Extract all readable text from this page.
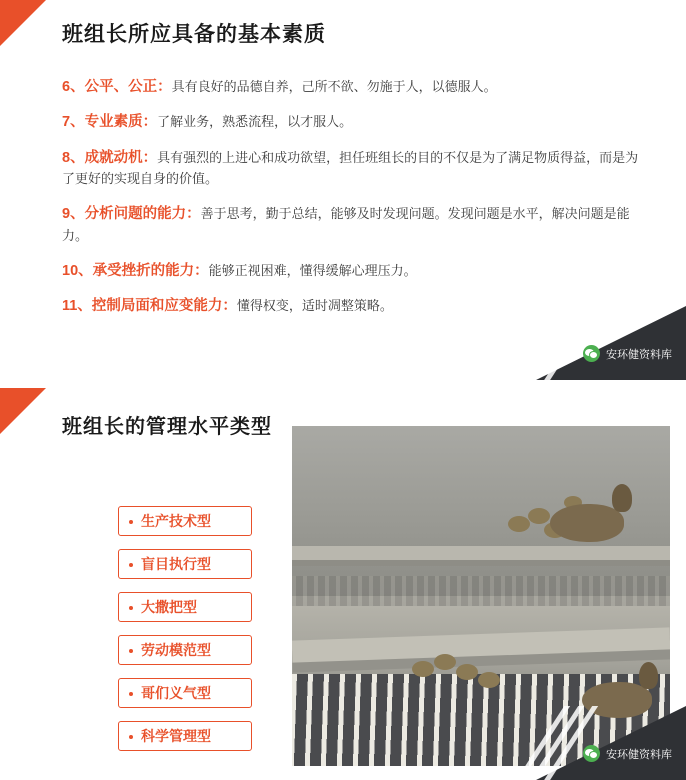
班组长所应具备的基本素质
6、公平、公正：具有良好的品德自养，己所不欲、勿施于人，以德服人。
7、专业素质：了解业务，熟悉流程，以才服人。
8、成就动机：具有强烈的上进心和成功欲望，担任班组长的目的不仅是为了满足物质得益，而是为了更好的实现自身的价值。
9、分析问题的能力：善于思考，勤于总结，能够及时发现问题。发现问题是水平，解决问题是能力。
10、承受挫折的能力：能够正视困难，懂得缓解心理压力。
11、控制局面和应变能力：懂得权变，适时凋整策略。
安环健资料库
班组长的管理水平类型
生产技术型
盲目执行型
大撒把型
劳动模范型
哥们义气型
科学管理型
安环健资料库
